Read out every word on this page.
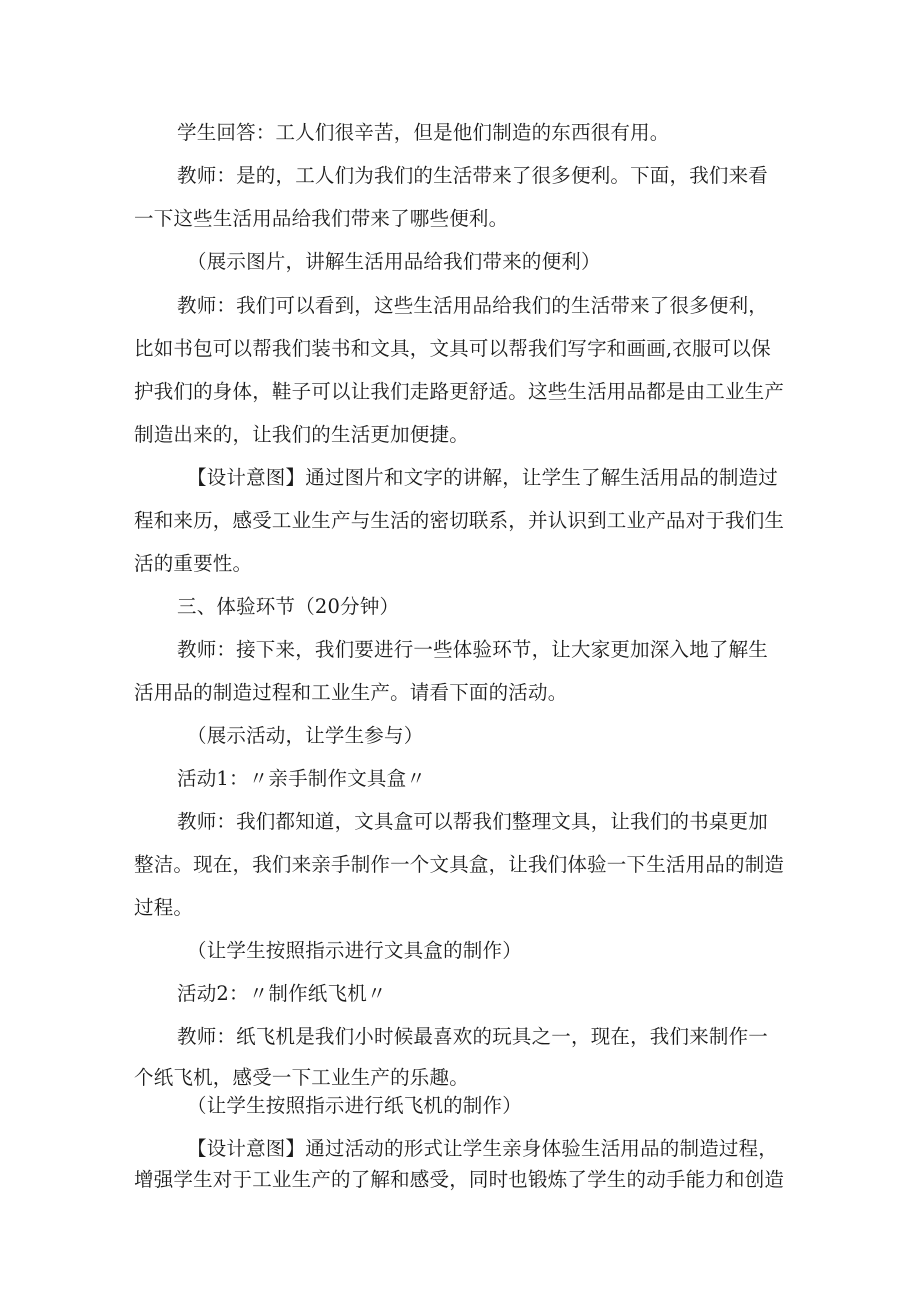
学生回答：工人们很辛苦，但是他们制造的东西很有用。

教师：是的，工人们为我们的生活带来了很多便利。下面，我们来看

一下这些生活用品给我们带来了哪些便利。

（展示图片，讲解生活用品给我们带来的便利）

教师：我们可以看到，这些生活用品给我们的生活带来了很多便利，

比如书包可以帮我们装书和文具，文具可以帮我们写字和画画,衣服可以保

护我们的身体，鞋子可以让我们走路更舒适。这些生活用品都是由工业生产

制造出来的，让我们的生活更加便捷。

【设计意图】通过图片和文字的讲解，让学生了解生活用品的制造过

程和来历，感受工业生产与生活的密切联系，并认识到工业产品对于我们生

活的重要性。

三、体验环节（20分钟）

教师：接下来，我们要进行一些体验环节，让大家更加深入地了解生

活用品的制造过程和工业生产。请看下面的活动。

（展示活动，让学生参与）

活动1：〃亲手制作文具盒〃

教师：我们都知道，文具盒可以帮我们整理文具，让我们的书桌更加

整洁。现在，我们来亲手制作一个文具盒，让我们体验一下生活用品的制造

过程。

（让学生按照指示进行文具盒的制作）

活动2：〃制作纸飞机〃

教师：纸飞机是我们小时候最喜欢的玩具之一，现在，我们来制作一

个纸飞机，感受一下工业生产的乐趣。

（让学生按照指示进行纸飞机的制作）

【设计意图】通过活动的形式让学生亲身体验生活用品的制造过程，

增强学生对于工业生产的了解和感受，同时也锻炼了学生的动手能力和创造
